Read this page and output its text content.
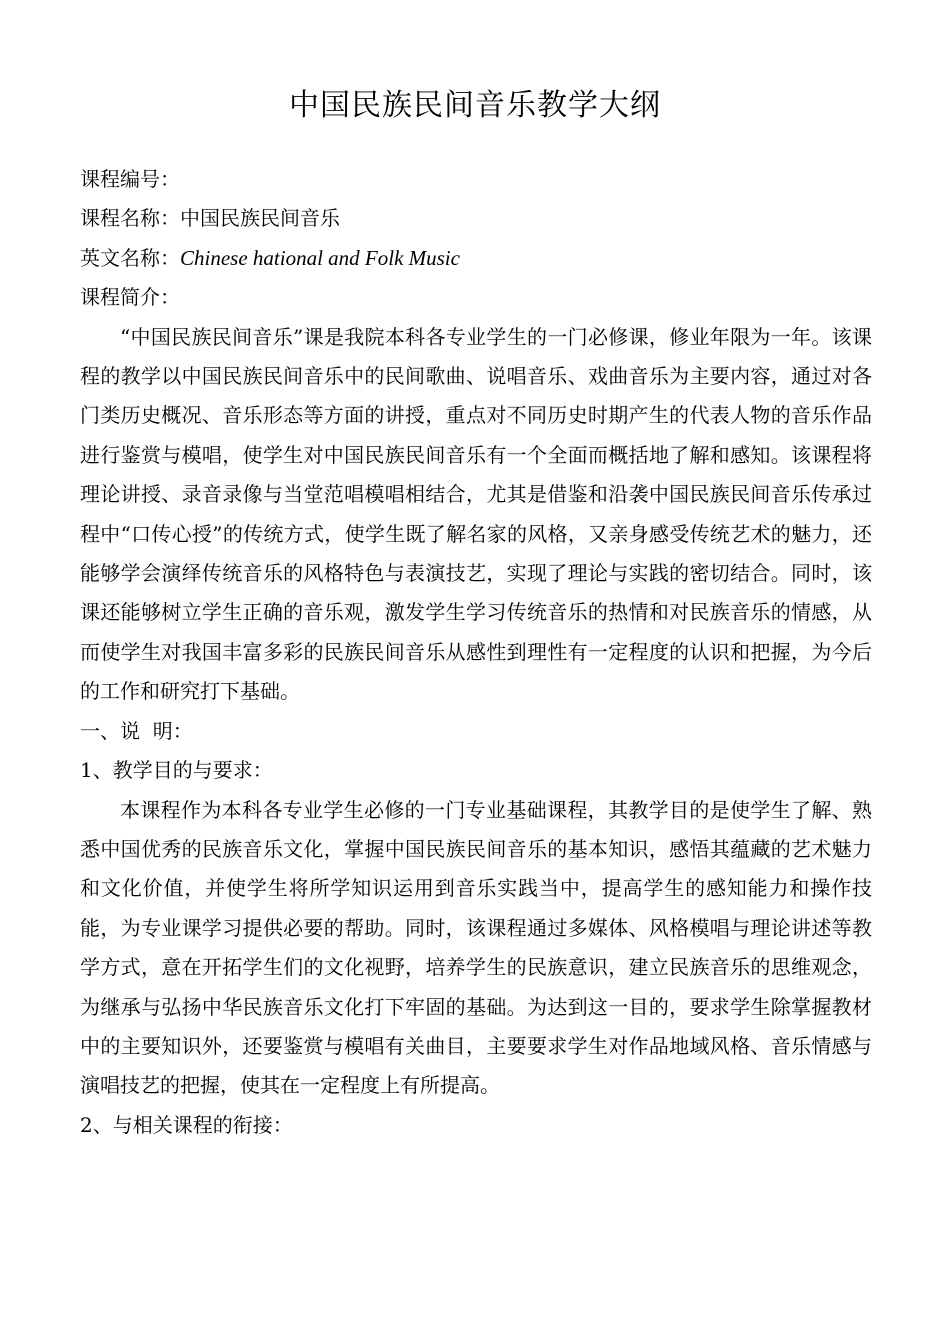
中国民族民间音乐教学大纲

课程编号：

课程名称：中国民族民间音乐

英文名称：Chinese hational and Folk Music

课程简介：

“中国民族民间音乐”课是我院本科各专业学生的一门必修课，修业年限为一年。该课程的教学以中国民族民间音乐中的民间歌曲、说唱音乐、戏曲音乐为主要内容，通过对各门类历史概况、音乐形态等方面的讲授，重点对不同历史时期产生的代表人物的音乐作品进行鉴赏与模唱，使学生对中国民族民间音乐有一个全面而概括地了解和感知。该课程将理论讲授、录音录像与当堂范唱模唱相结合，尤其是借鉴和沿袭中国民族民间音乐传承过程中“口传心授”的传统方式，使学生既了解名家的风格，又亲身感受传统艺术的魅力，还能够学会演绎传统音乐的风格特色与表演技艺，实现了理论与实践的密切结合。同时，该课还能够树立学生正确的音乐观，激发学生学习传统音乐的热情和对民族音乐的情感，从而使学生对我国丰富多彩的民族民间音乐从感性到理性有一定程度的认识和把握，为今后的工作和研究打下基础。

一、说  明：

1、教学目的与要求：

本课程作为本科各专业学生必修的一门专业基础课程，其教学目的是使学生了解、熟悉中国优秀的民族音乐文化，掌握中国民族民间音乐的基本知识，感悟其蕴藏的艺术魅力和文化价值，并使学生将所学知识运用到音乐实践当中，提高学生的感知能力和操作技能，为专业课学习提供必要的帮助。同时，该课程通过多媒体、风格模唱与理论讲述等教学方式，意在开拓学生们的文化视野，培养学生的民族意识，建立民族音乐的思维观念，为继承与弘扬中华民族音乐文化打下牢固的基础。为达到这一目的，要求学生除掌握教材中的主要知识外，还要鉴赏与模唱有关曲目，主要要求学生对作品地域风格、音乐情感与演唱技艺的把握，使其在一定程度上有所提高。

2、与相关课程的衔接：
